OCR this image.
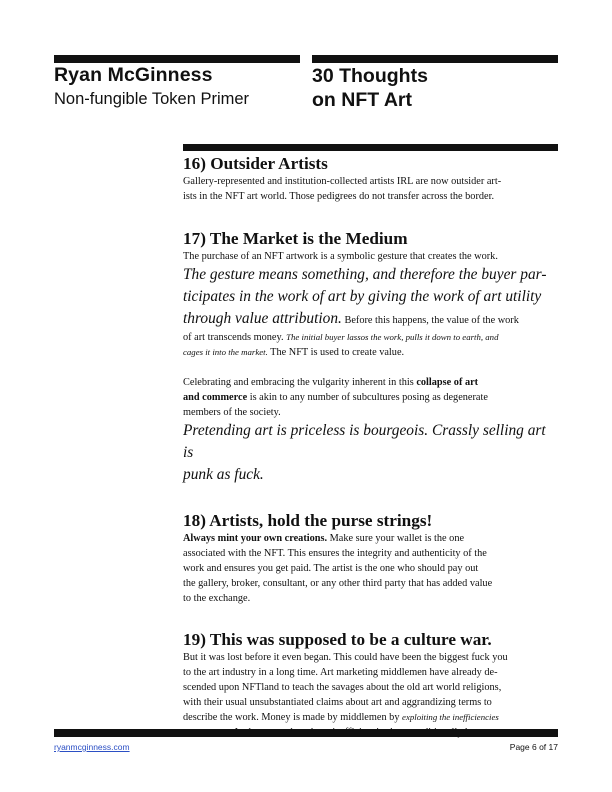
Ryan McGinness
Non-fungible Token Primer
30 Thoughts
on NFT Art
16) Outsider Artists

Gallery-represented and institution-collected artists IRL are now outsider art-

ists in the NFT art world. Those pedigrees do not transfer across the border.

17) The Market is the Medium

The purchase of an NFT artwork is a symbolic gesture that creates the work.

The gesture means something, and therefore the buyer par-

ticipates in the work of art by giving the work of art utility

through value attribution. Before this happens, the value of the work

of art transcends money. The initial buyer lassos the work, pulls it down to earth, and

cages it into the market. The NFT is used to create value.

Celebrating and embracing the vulgarity inherent in this collapse of art

and commerce is akin to any number of subcultures posing as degenerate

members of the society.

Pretending art is priceless is bourgeois. Crassly selling art is

punk as fuck.

18) Artists, hold the purse strings!

Always mint your own creations. Make sure your wallet is the one

associated with the NFT. This ensures the integrity and authenticity of the

work and ensures you get paid. The artist is the one who should pay out

the gallery, broker, consultant, or any other third party that has added value

to the exchange.

19) This was supposed to be a culture war.

But it was lost before it even began. This could have been the biggest fuck you

to the art industry in a long time. Art marketing middlemen have already de-

scended upon NFTland to teach the savages about the old art world religions,

with their usual unsubstantiated claims about art and aggrandizing terms to

describe the work. Money is made by middlemen by exploiting the inefficiencies

ryanmcginness.com	Page 6 of 17
